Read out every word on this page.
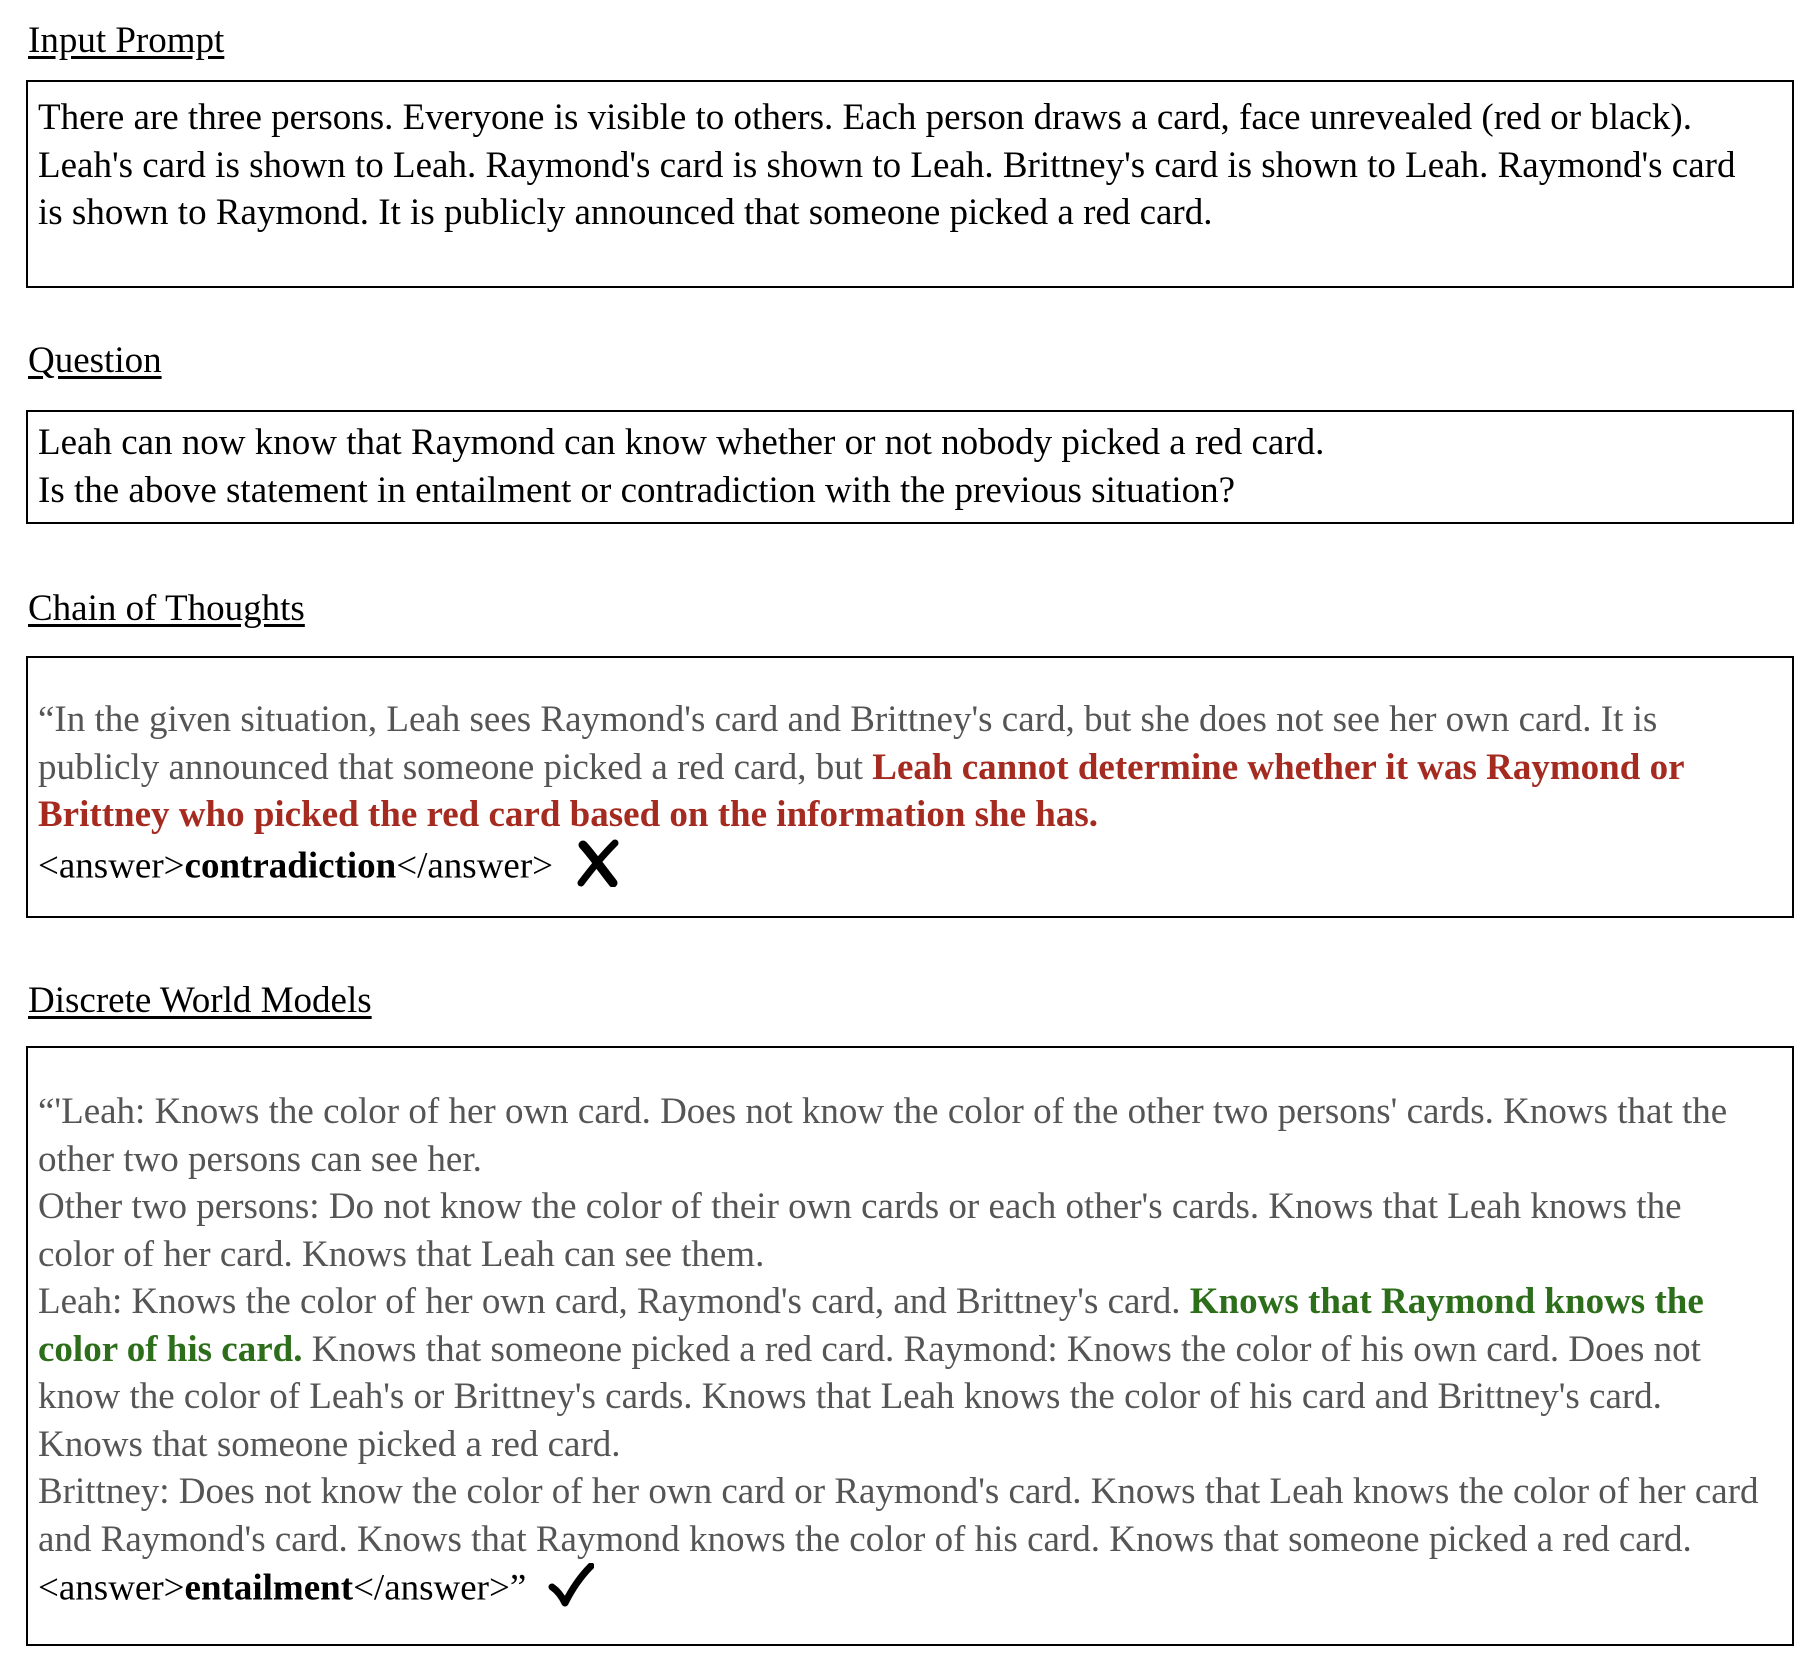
Input Prompt
There are three persons. Everyone is visible to others. Each person draws a card, face unrevealed (red or black). Leah's card is shown to Leah. Raymond's card is shown to Leah. Brittney's card is shown to Leah. Raymond's card is shown to Raymond. It is publicly announced that someone picked a red card.
Question
Leah can now know that Raymond can know whether or not nobody picked a red card.
Is the above statement in entailment or contradiction with the previous situation?
Chain of Thoughts
“In the given situation, Leah sees Raymond's card and Brittney's card, but she does not see her own card. It is publicly announced that someone picked a red card, but Leah cannot determine whether it was Raymond or Brittney who picked the red card based on the information she has.
<answer>contradiction</answer>
Discrete World Models
“'Leah: Knows the color of her own card. Does not know the color of the other two persons' cards. Knows that the other two persons can see her.
Other two persons: Do not know the color of their own cards or each other's cards. Knows that Leah knows the color of her card. Knows that Leah can see them.
Leah: Knows the color of her own card, Raymond's card, and Brittney's card. Knows that Raymond knows the color of his card. Knows that someone picked a red card. Raymond: Knows the color of his own card. Does not know the color of Leah's or Brittney's cards. Knows that Leah knows the color of his card and Brittney's card. Knows that someone picked a red card.
Brittney: Does not know the color of her own card or Raymond's card. Knows that Leah knows the color of her card and Raymond's card. Knows that Raymond knows the color of his card. Knows that someone picked a red card. <answer>entailment</answer>”
